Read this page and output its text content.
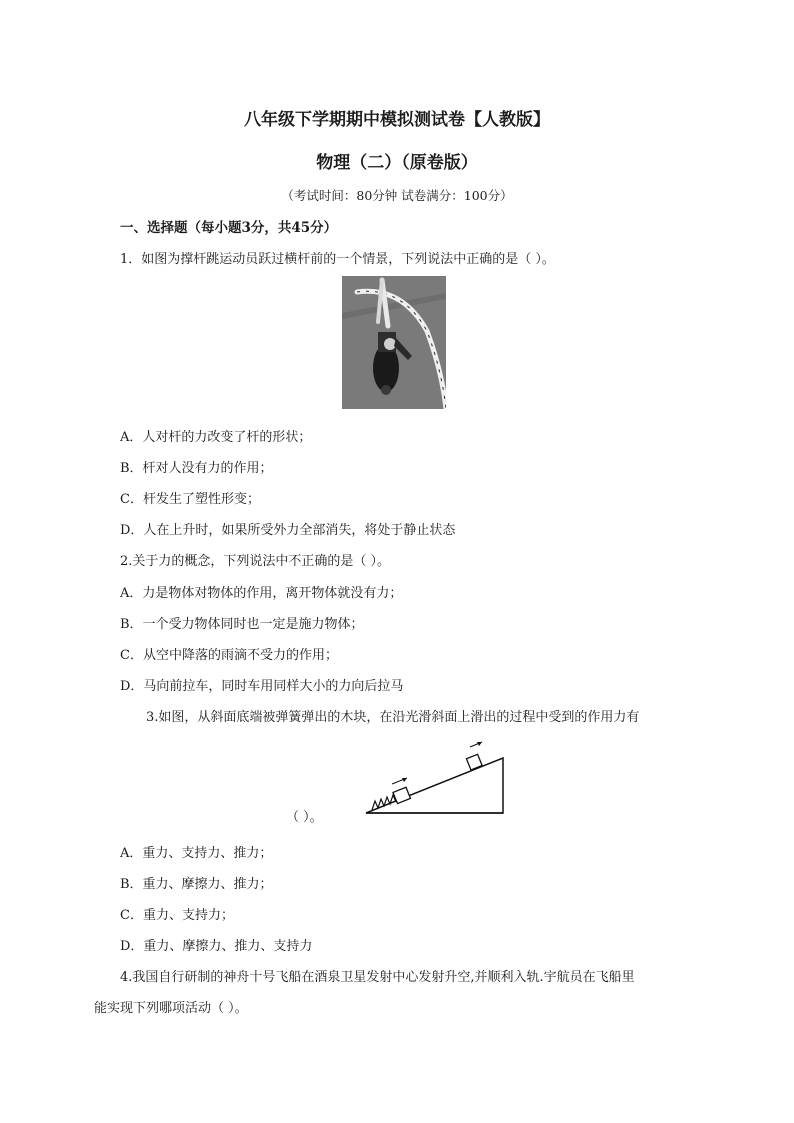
八年级下学期期中模拟测试卷【人教版】
物理（二）（原卷版）
（考试时间：80分钟 试卷满分：100分）
一、选择题（每小题3分，共45分）
1．如图为撑杆跳运动员跃过横杆前的一个情景，下列说法中正确的是（ ）。
A．人对杆的力改变了杆的形状；
B．杆对人没有力的作用；
C．杆发生了塑性形变；
D．人在上升时，如果所受外力全部消失，将处于静止状态
2.关于力的概念，下列说法中不正确的是（ ）。
A．力是物体对物体的作用，离开物体就没有力；
B．一个受力物体同时也一定是施力物体；
C．从空中降落的雨滴不受力的作用；
D．马向前拉车，同时车用同样大小的力向后拉马
3.如图，从斜面底端被弹簧弹出的木块，在沿光滑斜面上滑出的过程中受到的作用力有
（ ）。
A．重力、支持力、推力；
B．重力、摩擦力、推力；
C．重力、支持力；
D．重力、摩擦力、推力、支持力
4.我国自行研制的神舟十号飞船在酒泉卫星发射中心发射升空,并顺利入轨.宇航员在飞船里
能实现下列哪项活动（ ）。
